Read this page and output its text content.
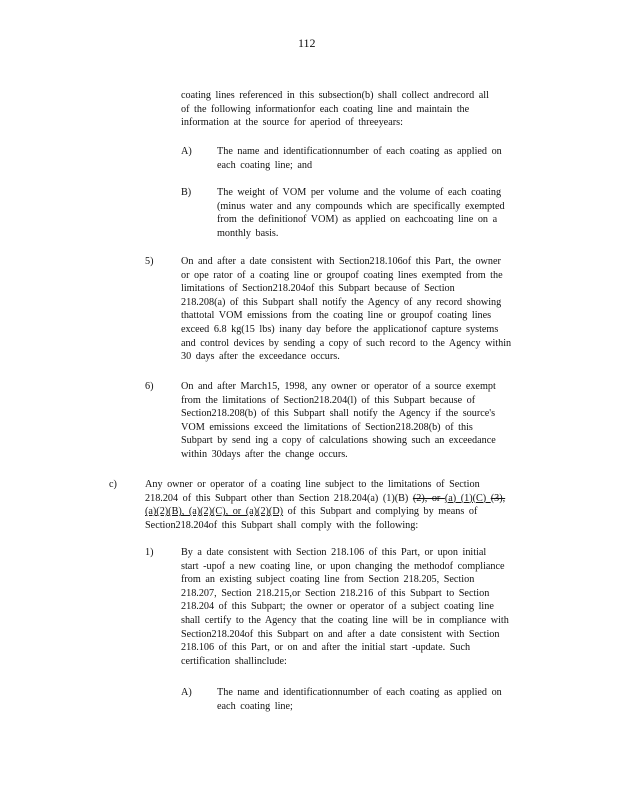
112
coating lines referenced in this subsection(b) shall collect andrecord all
of the following informationfor each coating line and maintain the
information at the source for aperiod of threeyears:
A) The name and identificationnumber of each coating as applied on
each coating line; and
B)	The weight of VOM per volume and the volume of each coating
(minus water and any compounds which are specifically exempted
from the definitionof VOM) as applied on eachcoating line on a
monthly basis.
5)	On and after a date consistent with Section218.106of this Part, the owner
or ope rator of a coating line or groupof coating lines exempted from the
limitations of Section218.204of this Subpart because of Section
218.208(a) of this Subpart shall notify the Agency of any record showing
thattotal VOM emissions from the coating line or groupof coating lines
exceed 6.8 kg(15 lbs) inany day before the applicationof capture systems
and control devices by sending a copy of such record to the Agency within
30 days after the exceedance occurs.
6)	On and after March15, 1998, any owner or operator of a source exempt
from the limitations of Section218.204(l) of this Subpart because of
Section218.208(b) of this Subpart shall notify the Agency if the source's
VOM emissions exceed the limitations of Section218.208(b) of this
Subpart by send ing a copy of calculations showing such an exceedance
within 30days after the change occurs.
c)	Any owner or operator of a coating line subject to the limitations of Section
218.204 of this Subpart other than Section 218.204(a) (1)(B) (2), or (a) (1)(C) (3),
(a)(2)(B), (a)(2)(C), or (a)(2)(D) of this Subpart and complying by means of
Section218.204of this Subpart shall comply with the following:
1)	By a date consistent with Section 218.106 of this Part, or upon initial
start -upof a new coating line, or upon changing the methodof compliance
from an existing subject coating line from Section 218.205, Section
218.207, Section 218.215,or Section 218.216 of this Subpart to Section
218.204 of this Subpart; the owner or operator of a subject coating line
shall certify to the Agency that the coating line will be in compliance with
Section218.204of this Subpart on and after a date consistent with Section
218.106 of this Part, or on and after the initial start -update. Such
certification shallinclude:
A) The name and identificationnumber of each coating as applied on
each coating line;
